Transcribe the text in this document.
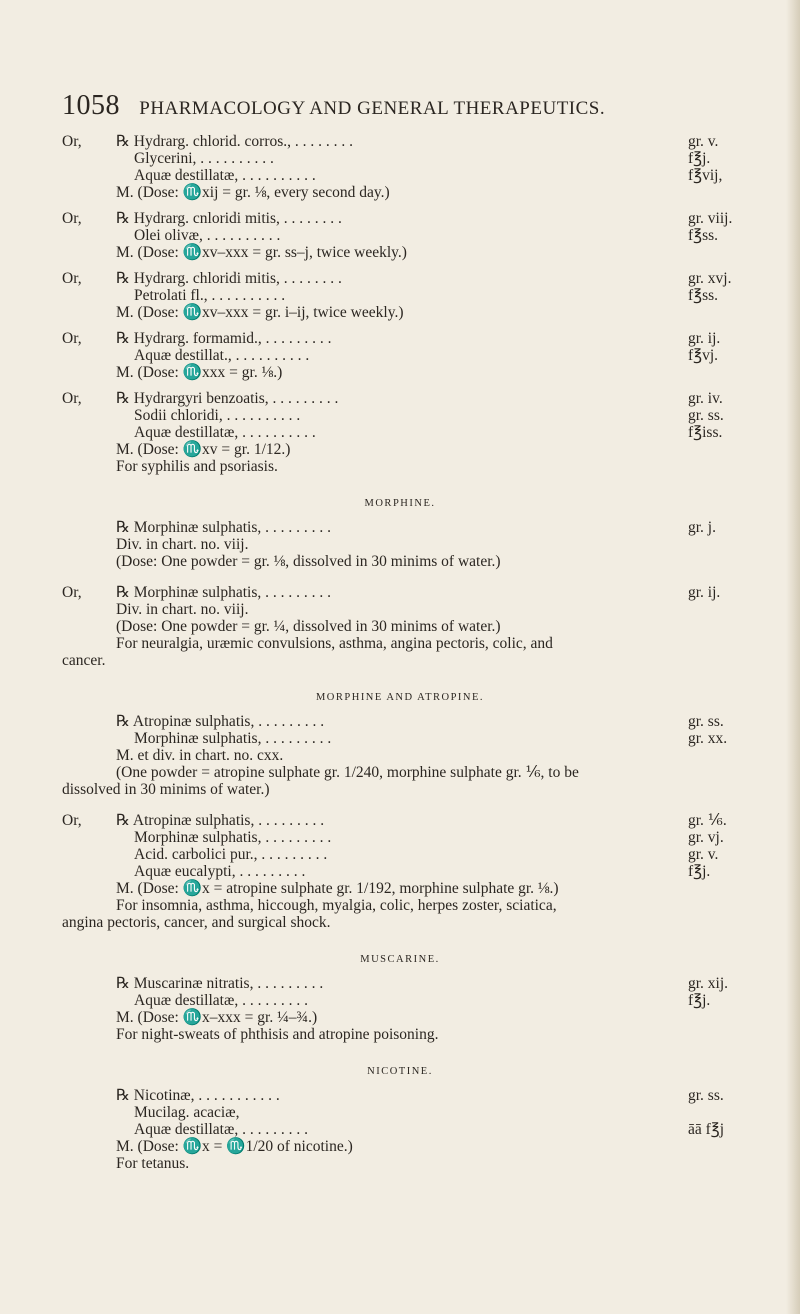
1058 PHARMACOLOGY AND GENERAL THERAPEUTICS.
Or, ℞ Hydrarg. chlorid. corros., . . . . . . . .	gr. v.
Glycerini, . . . . . . . . . .	f℥j.
Aquæ destillatæ, . . . . . . . . . .	f℥vij,
M. (Dose: ♏xij = gr. ⅛, every second day.)
Or, ℞ Hydrarg. cnloridi mitis, . . . . . . . .	gr. viij.
Olei olivæ, . . . . . . . . . .	f℥ss.
M. (Dose: ♏xv–xxx = gr. ss–j, twice weekly.)
Or, ℞ Hydrarg. chloridi mitis, . . . . . . . .	gr. xvj.
Petrolati fl., . . . . . . . . . .	f℥ss.
M. (Dose: ♏xv–xxx = gr. i–ij, twice weekly.)
Or, ℞ Hydrarg. formamid., . . . . . . . . .	gr. ij.
Aquæ destillat., . . . . . . . . . .	f℥vj.
M. (Dose: ♏xxx = gr. ⅛.)
Or, ℞ Hydrargyri benzoatis, . . . . . . . . .	gr. iv.
Sodii chloridi, . . . . . . . . . .	gr. ss.
Aquæ destillatæ, . . . . . . . . . .	f℥iss.
M. (Dose: ♏xv = gr. 1/12.)
For syphilis and psoriasis.
MORPHINE.
℞ Morphinæ sulphatis, . . . . . . . . .	gr. j.
Div. in chart. no. viij.
(Dose: One powder = gr. ⅛, dissolved in 30 minims of water.)
Or, ℞ Morphinæ sulphatis, . . . . . . . . .	gr. ij.
Div. in chart. no. viij.
(Dose: One powder = gr. ¼, dissolved in 30 minims of water.)
For neuralgia, uræmic convulsions, asthma, angina pectoris, colic, and
cancer.
MORPHINE AND ATROPINE.
℞ Atropinæ sulphatis, . . . . . . . . .	gr. ss.
Morphinæ sulphatis, . . . . . . . . .	gr. xx.
M. et div. in chart. no. cxx.
(One powder = atropine sulphate gr. 1/240, morphine sulphate gr. ⅙, to be
dissolved in 30 minims of water.)
Or, ℞ Atropinæ sulphatis, . . . . . . . . .	gr. ⅙.
Morphinæ sulphatis, . . . . . . . . .	gr. vj.
Acid. carbolici pur., . . . . . . . . .	gr. v.
Aquæ eucalypti, . . . . . . . . .	f℥j.
M. (Dose: ♏x = atropine sulphate gr. 1/192, morphine sulphate gr. ⅛.)
For insomnia, asthma, hiccough, myalgia, colic, herpes zoster, sciatica,
angina pectoris, cancer, and surgical shock.
MUSCARINE.
℞ Muscarinæ nitratis, . . . . . . . . .	gr. xij.
Aquæ destillatæ, . . . . . . . . .	f℥j.
M. (Dose: ♏x–xxx = gr. ¼–¾.)
For night-sweats of phthisis and atropine poisoning.
NICOTINE.
℞ Nicotinæ, . . . . . . . . . . .	gr. ss.
Mucilag. acaciæ,
Aquæ destillatæ, . . . . . . . . .	āā f℥j
M. (Dose: ♏x = ♏1/20 of nicotine.)
For tetanus.
